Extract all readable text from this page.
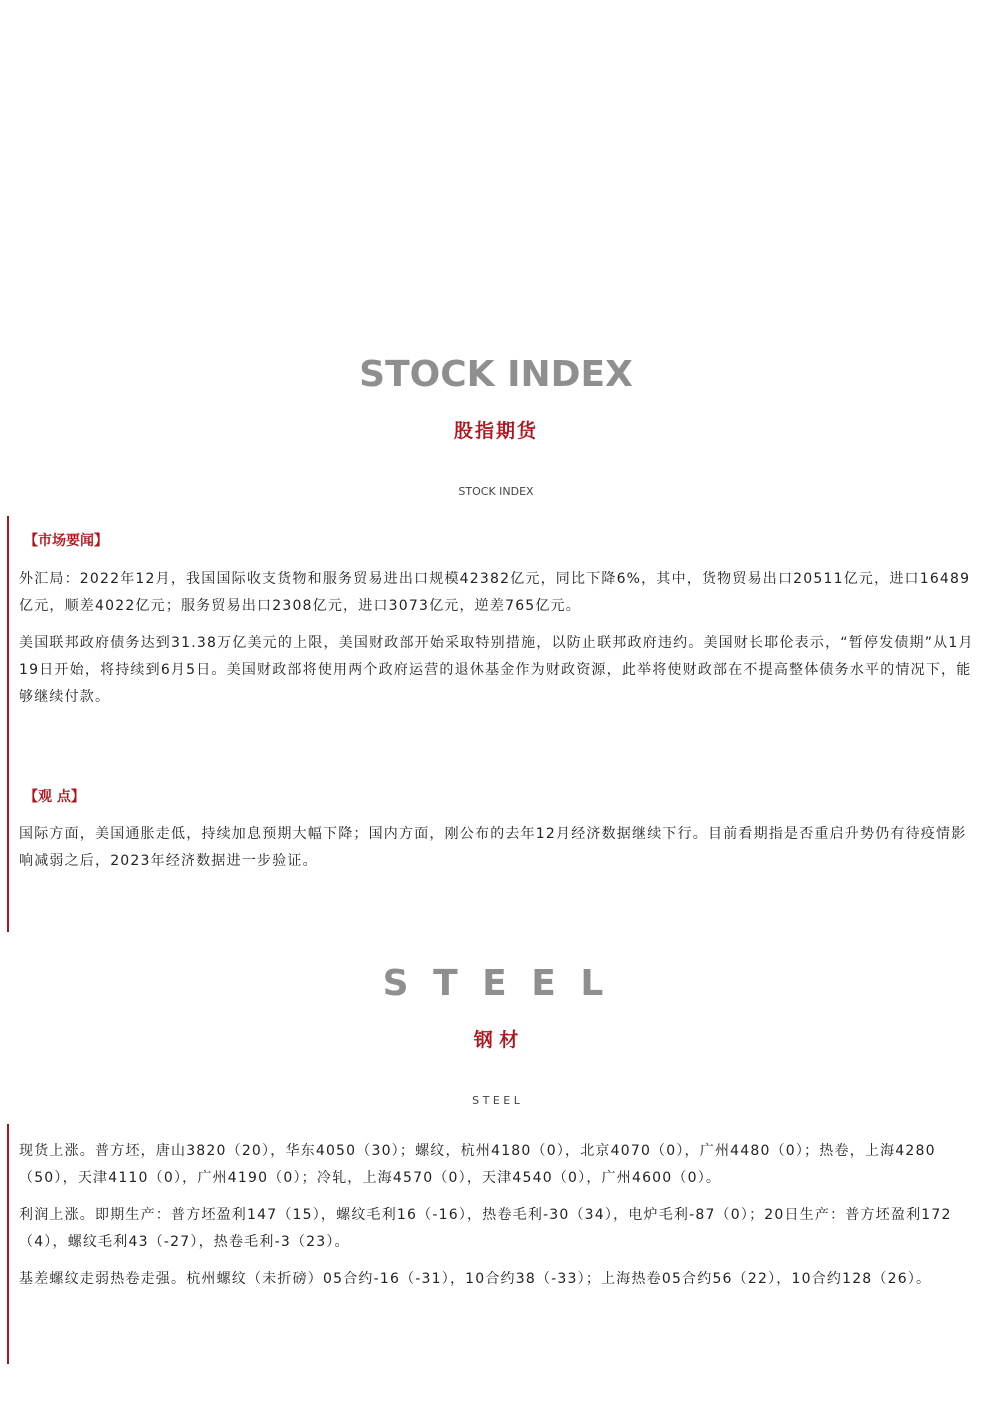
STOCK INDEX
股指期货
STOCK INDEX
【市场要闻】

外汇局：2022年12月，我国国际收支货物和服务贸易进出口规模42382亿元，同比下降6%，其中，货物贸易出口20511亿元，进口16489亿元，顺差4022亿元；服务贸易出口2308亿元，进口3073亿元，逆差765亿元。

美国联邦政府债务达到31.38万亿美元的上限，美国财政部开始采取特别措施，以防止联邦政府违约。美国财长耶伦表示，“暂停发债期”从1月19日开始，将持续到6月5日。美国财政部将使用两个政府运营的退休基金作为财政资源，此举将使财政部在不提高整体债务水平的情况下，能够继续付款。

【观 点】

国际方面，美国通胀走低，持续加息预期大幅下降；国内方面，刚公布的去年12月经济数据继续下行。目前看期指是否重启升势仍有待疫情影响减弱之后，2023年经济数据进一步验证。

S T E E L
钢 材
S T E E L

现货上涨。普方坯，唐山3820（20），华东4050（30）；螺纹，杭州4180（0），北京4070（0），广州4480（0）；热卷，上海4280（50），天津4110（0），广州4190（0）；冷轧，上海4570（0），天津4540（0），广州4600（0）。

利润上涨。即期生产：普方坯盈利147（15），螺纹毛利16（-16），热卷毛利-30（34），电炉毛利-87（0）；20日生产：普方坯盈利172（4），螺纹毛利43（-27），热卷毛利-3（23）。

基差螺纹走弱热卷走强。杭州螺纹（未折磅）05合约-16（-31），10合约38（-33）；上海热卷05合约56（22），10合约128（26）。
